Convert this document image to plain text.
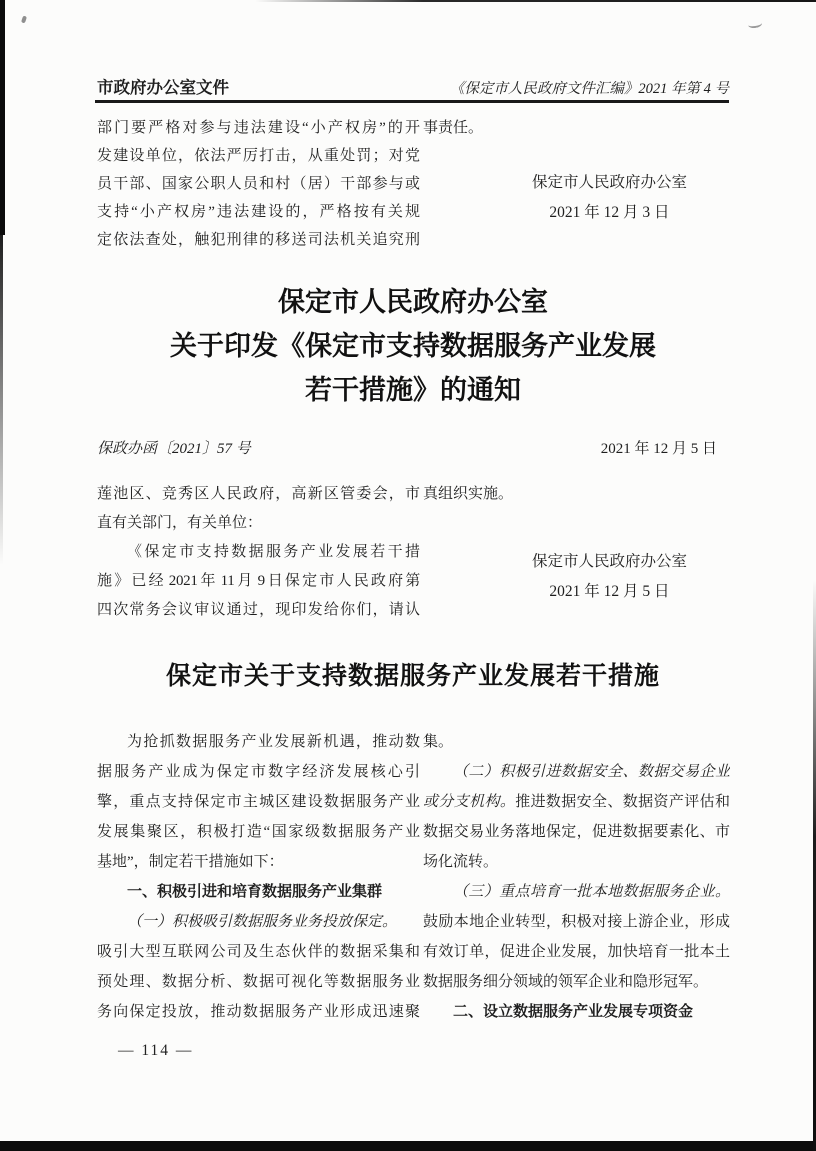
市政府办公室文件	《保定市人民政府文件汇编》2021 年第 4 号
部门要严格对参与违法建设“小产权房”的开
发建设单位，依法严厉打击，从重处罚；对党
员干部、国家公职人员和村（居）干部参与或
支持“小产权房”违法建设的，严格按有关规
定依法查处，触犯刑律的移送司法机关追究刑
事责任。
保定市人民政府办公室
2021 年 12 月 3 日
保定市人民政府办公室
关于印发《保定市支持数据服务产业发展
若干措施》的通知
保政办函〔2021〕57 号	2021 年 12 月 5 日
莲池区、竞秀区人民政府，高新区管委会，市
直有关部门，有关单位：
《保定市支持数据服务产业发展若干措
施》已经 2021 年 11 月 9 日保定市人民政府第
四次常务会议审议通过，现印发给你们，请认
真组织实施。
保定市人民政府办公室
2021 年 12 月 5 日
保定市关于支持数据服务产业发展若干措施
为抢抓数据服务产业发展新机遇，推动数
据服务产业成为保定市数字经济发展核心引
擎，重点支持保定市主城区建设数据服务产业
发展集聚区，积极打造“国家级数据服务产业
基地”，制定若干措施如下：
一、积极引进和培育数据服务产业集群
（一）积极吸引数据服务业务投放保定。
吸引大型互联网公司及生态伙伴的数据采集和
预处理、数据分析、数据可视化等数据服务业
务向保定投放，推动数据服务产业形成迅速聚
集。
（二）积极引进数据安全、数据交易企业
或分支机构。推进数据安全、数据资产评估和
数据交易业务落地保定，促进数据要素化、市
场化流转。
（三）重点培育一批本地数据服务企业。
鼓励本地企业转型，积极对接上游企业，形成
有效订单，促进企业发展，加快培育一批本土
数据服务细分领域的领军企业和隐形冠军。
二、设立数据服务产业发展专项资金
— 114 —
